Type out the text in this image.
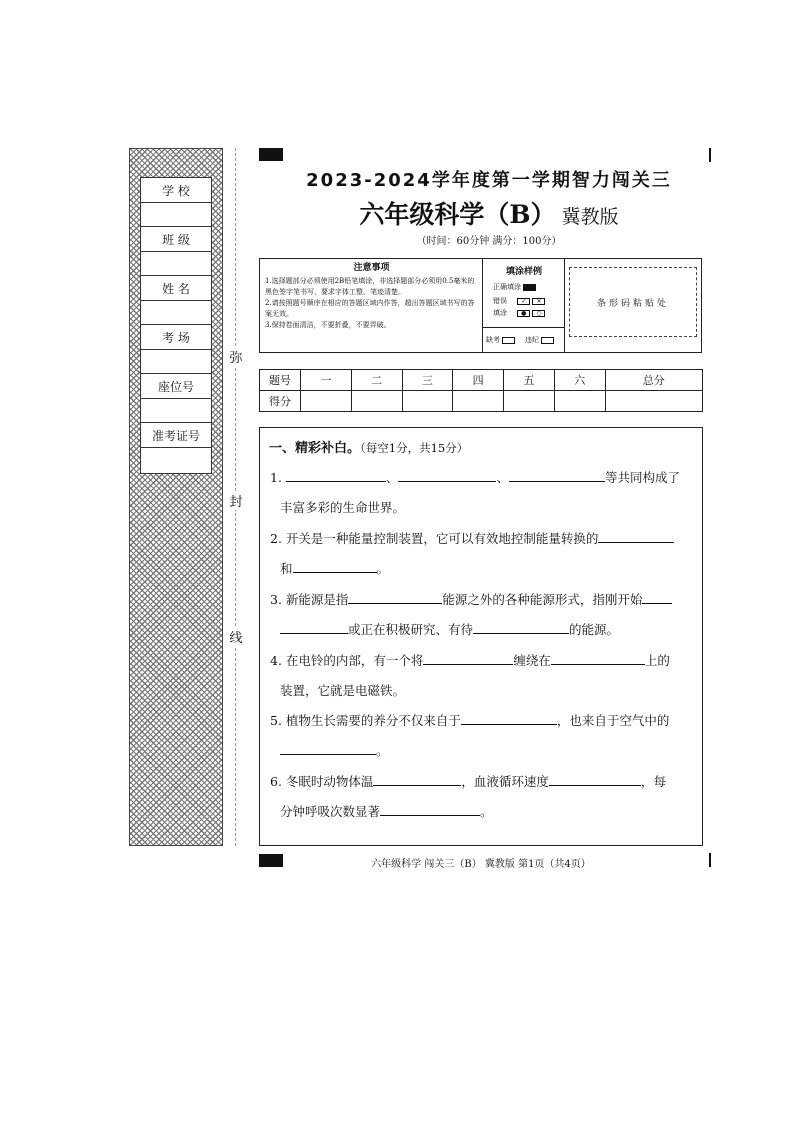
学 校
班 级
姓 名
考 场
座位号
准考证号
弥
封
线
2023-2024学年度第一学期智力闯关三
六年级科学（B） 冀教版
（时间：60分钟 满分：100分）
注意事项
1.选择题部分必须使用2B铅笔填涂，非选择题部分必须用0.5毫米的黑色签字笔书写，要求字体工整、笔迹清楚。
2.请按照题号顺序在相应的答题区域内作答，超出答题区域书写的答案无效。
3.保持卷面清洁，不要折叠，不要弄破。
填涂样例
正确填涂
错误 ✓ ✕
填涂 ● ○
缺考	违纪
条形码粘贴处
题号	一	二	三	四	五	六	总分
得分							
一、精彩补白。（每空1分，共15分）
1.	、	、	等共同构成了
丰富多彩的生命世界。
2. 开关是一种能量控制装置，它可以有效地控制能量转换的
和	。
3. 新能源是指	能源之外的各种能源形式，指刚开始
或正在积极研究、有待	的能源。
4. 在电铃的内部，有一个将	缠绕在	上的
装置，它就是电磁铁。
5. 植物生长需要的养分不仅来自于	，也来自于空气中的
。
6. 冬眠时动物体温	，血液循环速度	，每
分钟呼吸次数显著	。
六年级科学 闯关三（B） 冀教版 第1页（共4页）
